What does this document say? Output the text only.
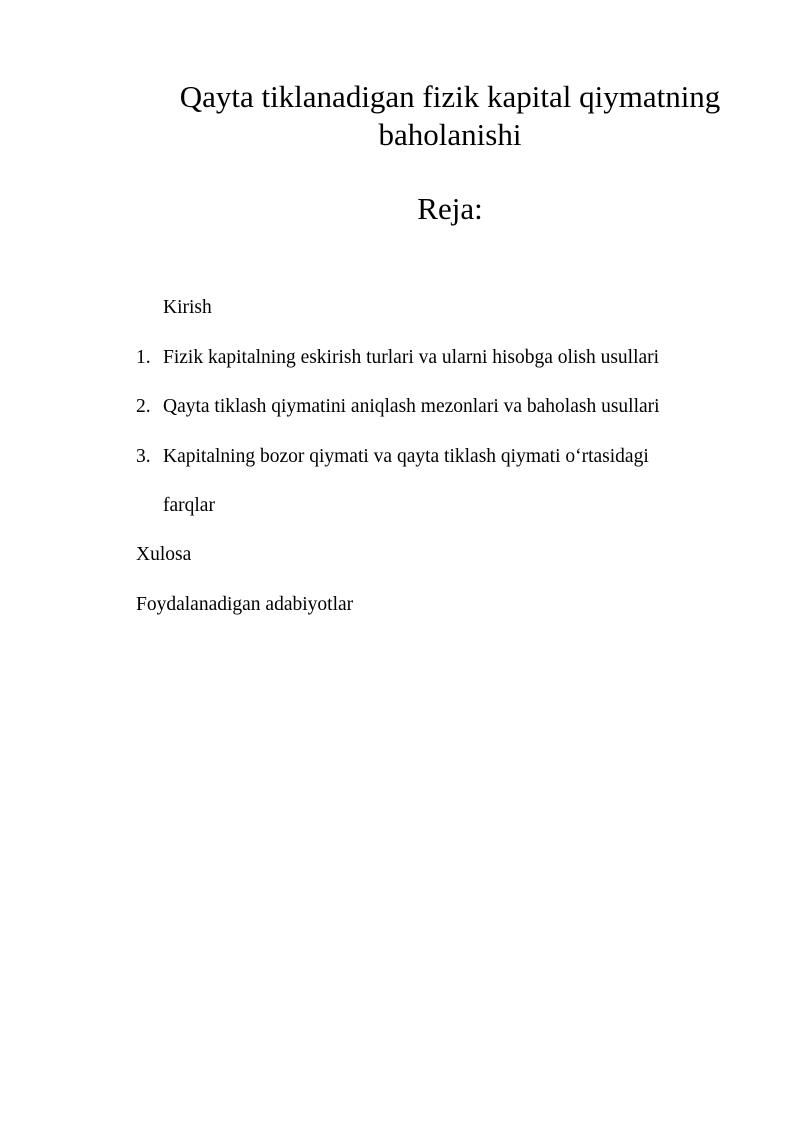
Qayta tiklanadigan fizik kapital qiymatning
baholanishi
Reja:
Kirish
1. Fizik kapitalning eskirish turlari va ularni hisobga olish usullari
2. Qayta tiklash qiymatini aniqlash mezonlari va baholash usullari
3. Kapitalning bozor qiymati va qayta tiklash qiymati o‘rtasidagi
farqlar
Xulosa
Foydalanadigan adabiyotlar
